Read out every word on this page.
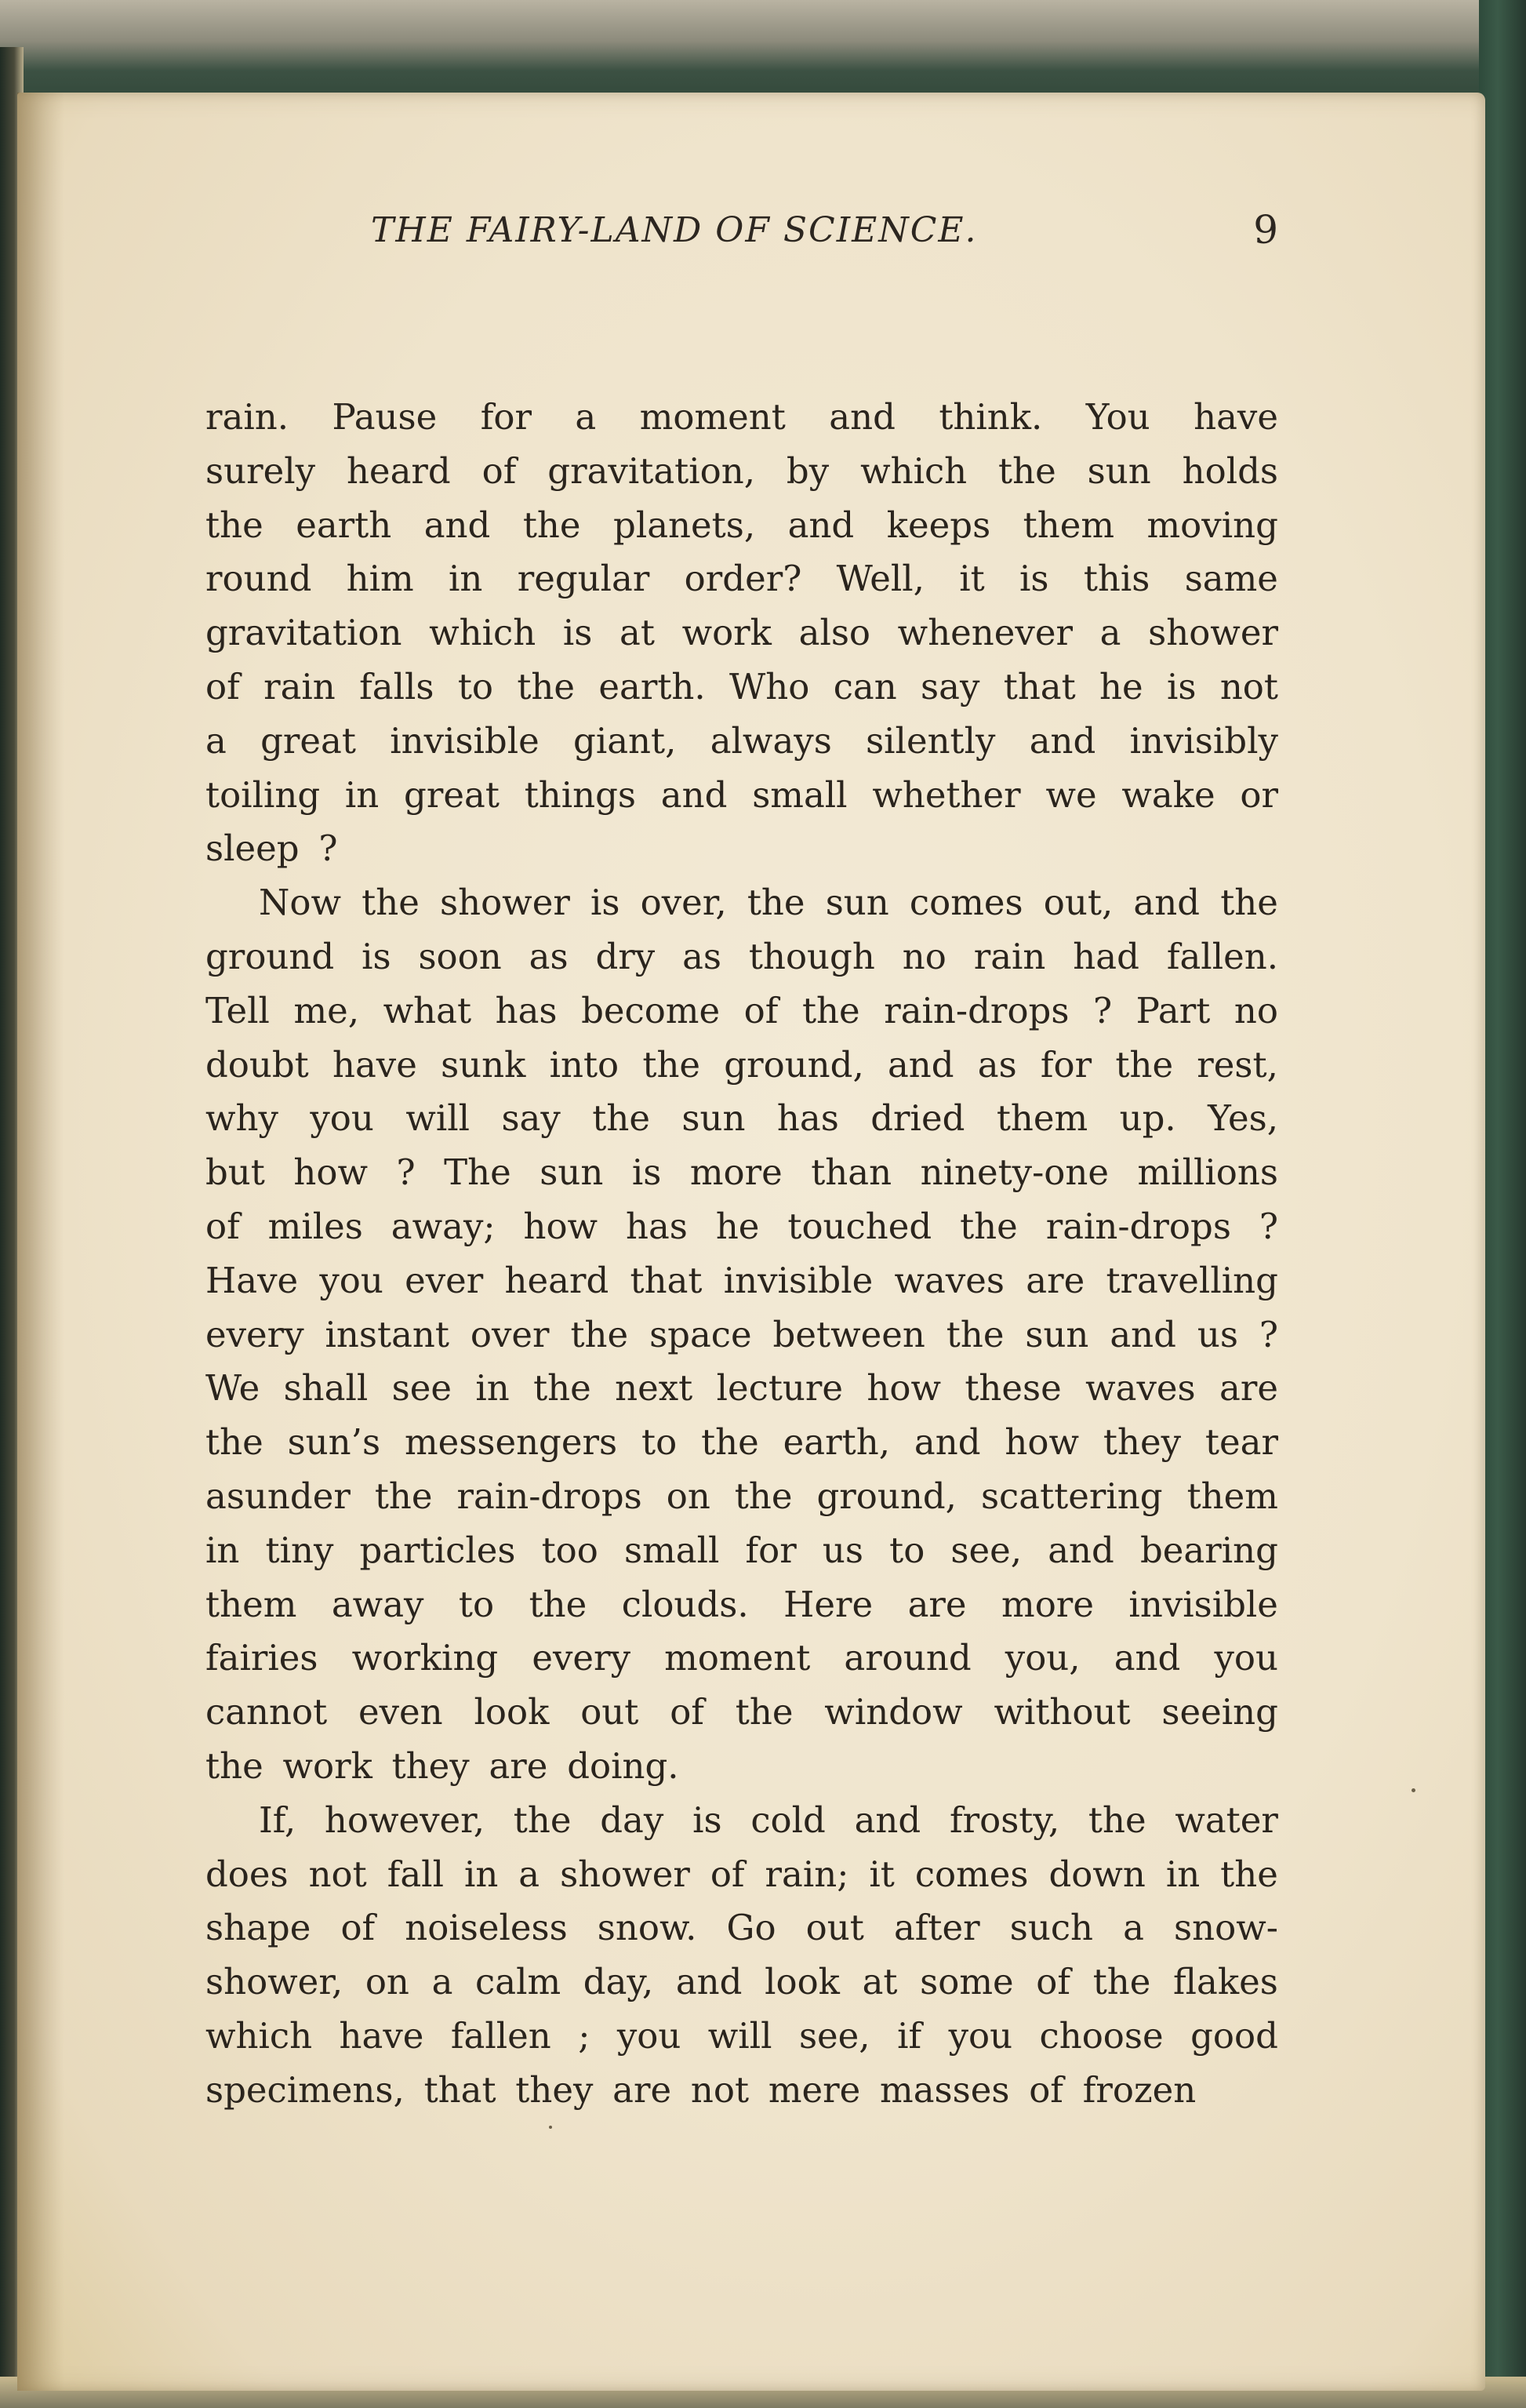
THE FAIRY-LAND OF SCIENCE.	9
rain. Pause for a moment and think. You have
surely heard of gravitation, by which the sun holds
the earth and the planets, and keeps them moving
round him in regular order? Well, it is this same
gravitation which is at work also whenever a shower
of rain falls to the earth. Who can say that he is not
a great invisible giant, always silently and invisibly
toiling in great things and small whether we wake or
sleep ?
Now the shower is over, the sun comes out, and the
ground is soon as dry as though no rain had fallen.
Tell me, what has become of the rain-drops ? Part no
doubt have sunk into the ground, and as for the rest,
why you will say the sun has dried them up. Yes,
but how ? The sun is more than ninety-one millions
of miles away; how has he touched the rain-drops ?
Have you ever heard that invisible waves are travelling
every instant over the space between the sun and us ?
We shall see in the next lecture how these waves are
the sun’s messengers to the earth, and how they tear
asunder the rain-drops on the ground, scattering them
in tiny particles too small for us to see, and bearing
them away to the clouds. Here are more invisible
fairies working every moment around you, and you
cannot even look out of the window without seeing
the work they are doing.
If, however, the day is cold and frosty, the water
does not fall in a shower of rain; it comes down in the
shape of noiseless snow. Go out after such a snow-
shower, on a calm day, and look at some of the flakes
which have fallen ; you will see, if you choose good
specimens, that they are not mere masses of frozen
